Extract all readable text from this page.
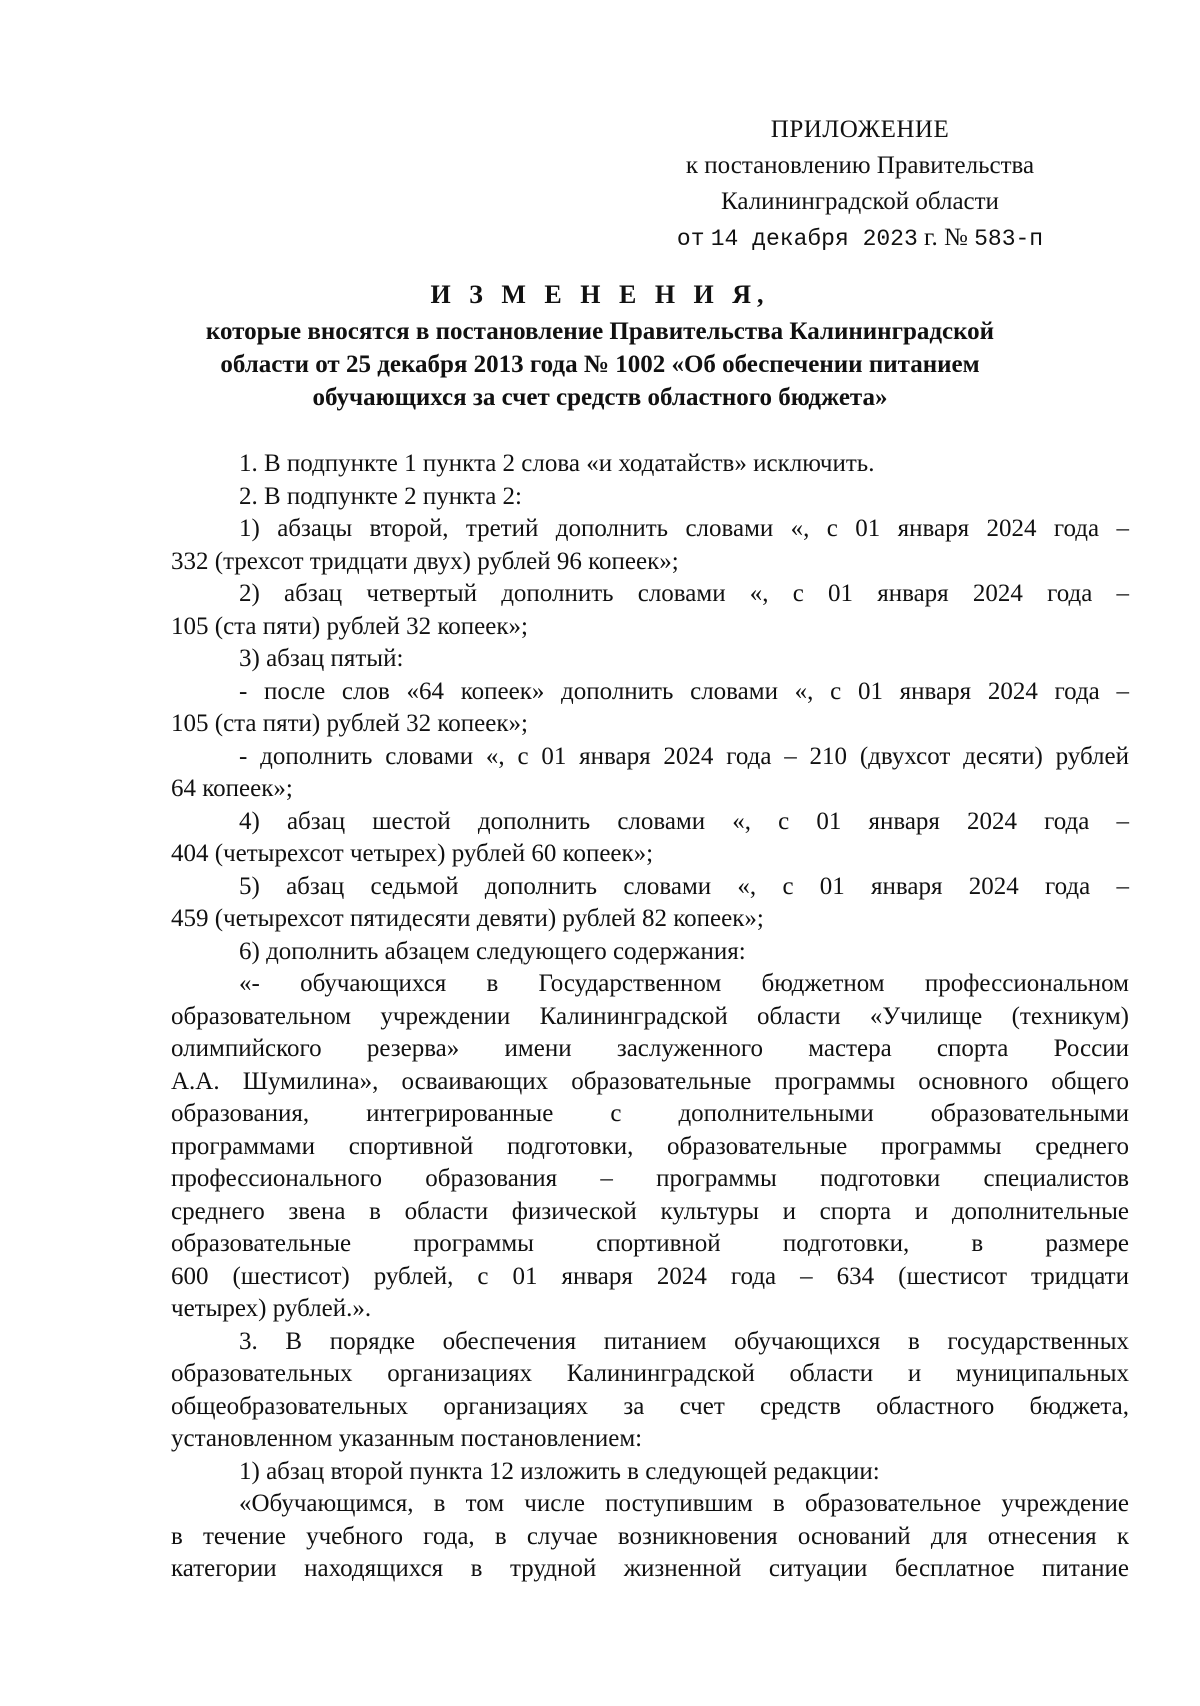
ПРИЛОЖЕНИЕ
к постановлению Правительства
Калининградской области
от 14 декабря 2023 г. № 583-п
И З М Е Н Е Н И Я,
которые вносятся в постановление Правительства Калининградской
области от 25 декабря 2013 года № 1002 «Об обеспечении питанием
обучающихся за счет средств областного бюджета»
1. В подпункте 1 пункта 2 слова «и ходатайств» исключить.
2. В подпункте 2 пункта 2:
1) абзацы второй, третий дополнить словами «, с 01 января 2024 года –
332 (трехсот тридцати двух) рублей 96 копеек»;
2) абзац четвертый дополнить словами «, с 01 января 2024 года –
105 (ста пяти) рублей 32 копеек»;
3) абзац пятый:
- после слов «64 копеек» дополнить словами «, с 01 января 2024 года –
105 (ста пяти) рублей 32 копеек»;
- дополнить словами «, с 01 января 2024 года – 210 (двухсот десяти) рублей
64 копеек»;
4) абзац шестой дополнить словами «, с 01 января 2024 года –
404 (четырехсот четырех) рублей 60 копеек»;
5) абзац седьмой дополнить словами «, с 01 января 2024 года –
459 (четырехсот пятидесяти девяти) рублей 82 копеек»;
6) дополнить абзацем следующего содержания:
«- обучающихся в Государственном бюджетном профессиональном
образовательном учреждении Калининградской области «Училище (техникум)
олимпийского резерва» имени заслуженного мастера спорта России
А.А. Шумилина», осваивающих образовательные программы основного общего
образования, интегрированные с дополнительными образовательными
программами спортивной подготовки, образовательные программы среднего
профессионального образования – программы подготовки специалистов
среднего звена в области физической культуры и спорта и дополнительные
образовательные программы спортивной подготовки, в размере
600 (шестисот) рублей, с 01 января 2024 года – 634 (шестисот тридцати
четырех) рублей.».
3. В порядке обеспечения питанием обучающихся в государственных
образовательных организациях Калининградской области и муниципальных
общеобразовательных организациях за счет средств областного бюджета,
установленном указанным постановлением:
1) абзац второй пункта 12 изложить в следующей редакции:
«Обучающимся, в том числе поступившим в образовательное учреждение
в течение учебного года, в случае возникновения оснований для отнесения к
категории находящихся в трудной жизненной ситуации бесплатное питание
